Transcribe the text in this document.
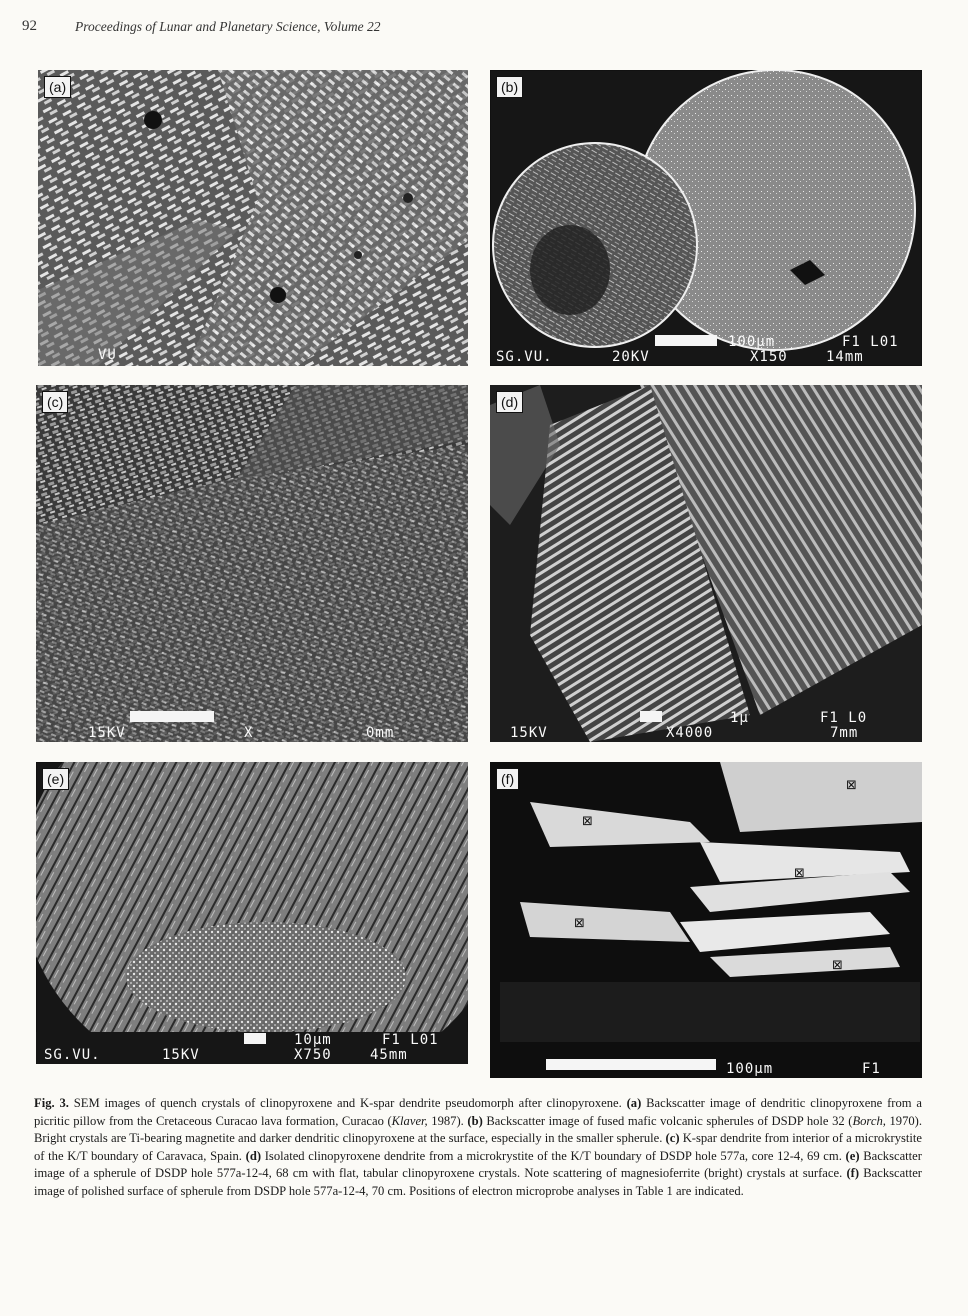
92	Proceedings of Lunar and Planetary Science, Volume 22
(a)
VU
(b)
100µm	F1 L01
SG.VU.	20KV	X150	14mm
(c)
15KV	X	0mm
(d)
1µ	F1 L0
15KV	X4000	7mm
(e)
10µm	F1 L01
SG.VU.	15KV	X750	45mm
(f)	⊠
⊠
⊠
⊠
⊠
100µm	F1
Fig. 3. SEM images of quench crystals of clinopyroxene and K-spar dendrite pseudomorph after clinopyroxene. (a) Backscatter image of dendritic clinopyroxene from a picritic pillow from the Cretaceous Curacao lava formation, Curacao (Klaver, 1987). (b) Backscatter image of fused mafic volcanic spherules of DSDP hole 32 (Borch, 1970). Bright crystals are Ti-bearing magnetite and darker dendritic clinopyroxene at the surface, especially in the smaller spherule. (c) K-spar dendrite from interior of a microkrystite of the K/T boundary of Caravaca, Spain. (d) Isolated clinopyroxene dendrite from a microkrystite of the K/T boundary of DSDP hole 577a, core 12-4, 69 cm. (e) Backscatter image of a spherule of DSDP hole 577a-12-4, 68 cm with flat, tabular clinopyroxene crystals. Note scattering of magnesioferrite (bright) crystals at surface. (f) Backscatter image of polished surface of spherule from DSDP hole 577a-12-4, 70 cm. Positions of electron microprobe analyses in Table 1 are indicated.
